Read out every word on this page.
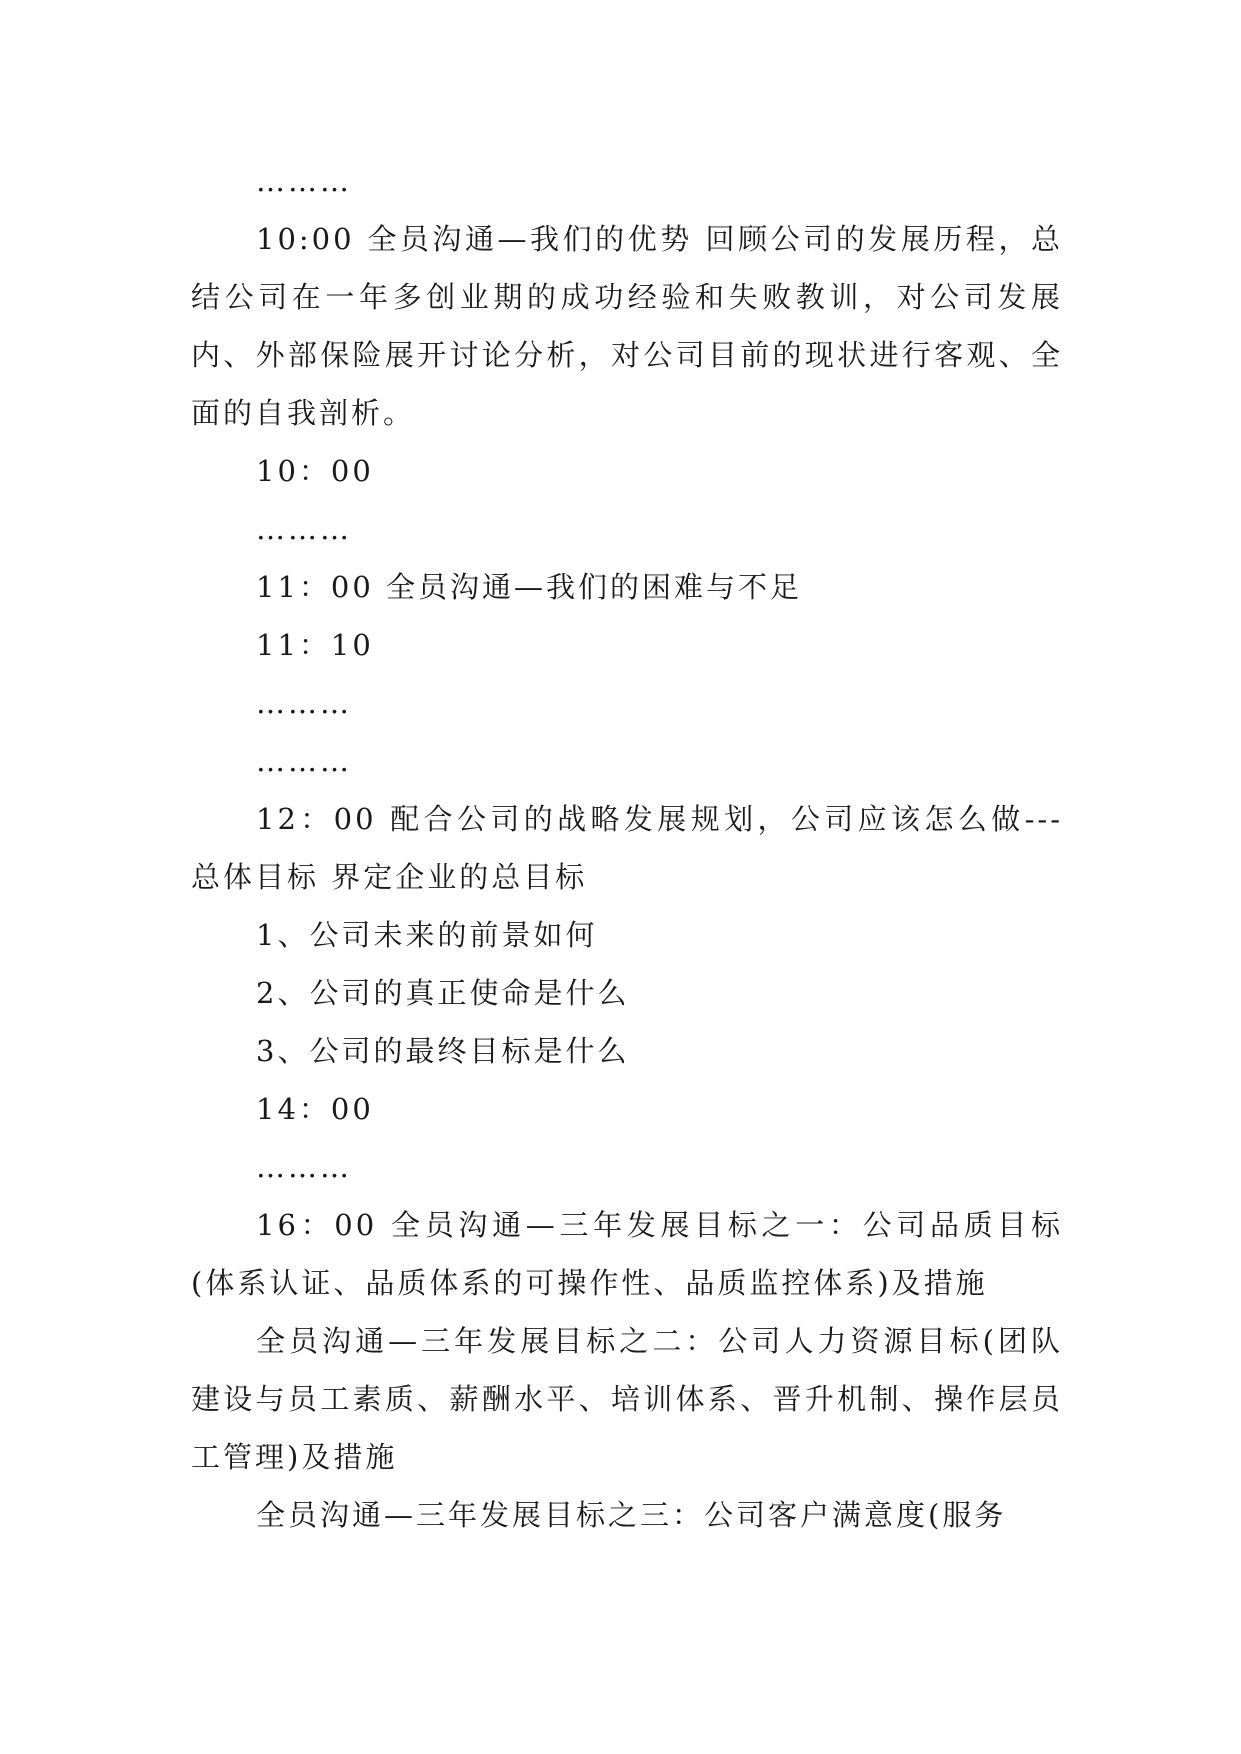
………

10:00 全员沟通—我们的优势 回顾公司的发展历程，总结公司在一年多创业期的成功经验和失败教训，对公司发展内、外部保险展开讨论分析，对公司目前的现状进行客观、全面的自我剖析。

10：00

………

11：00 全员沟通—我们的困难与不足

11：10

………

………

12：00 配合公司的战略发展规划，公司应该怎么做---总体目标 界定企业的总目标

1、公司未来的前景如何

2、公司的真正使命是什么

3、公司的最终目标是什么

14：00

………

16：00 全员沟通—三年发展目标之一：公司品质目标(体系认证、品质体系的可操作性、品质监控体系)及措施

全员沟通—三年发展目标之二：公司人力资源目标(团队建设与员工素质、薪酬水平、培训体系、晋升机制、操作层员工管理)及措施

全员沟通—三年发展目标之三：公司客户满意度(服务
